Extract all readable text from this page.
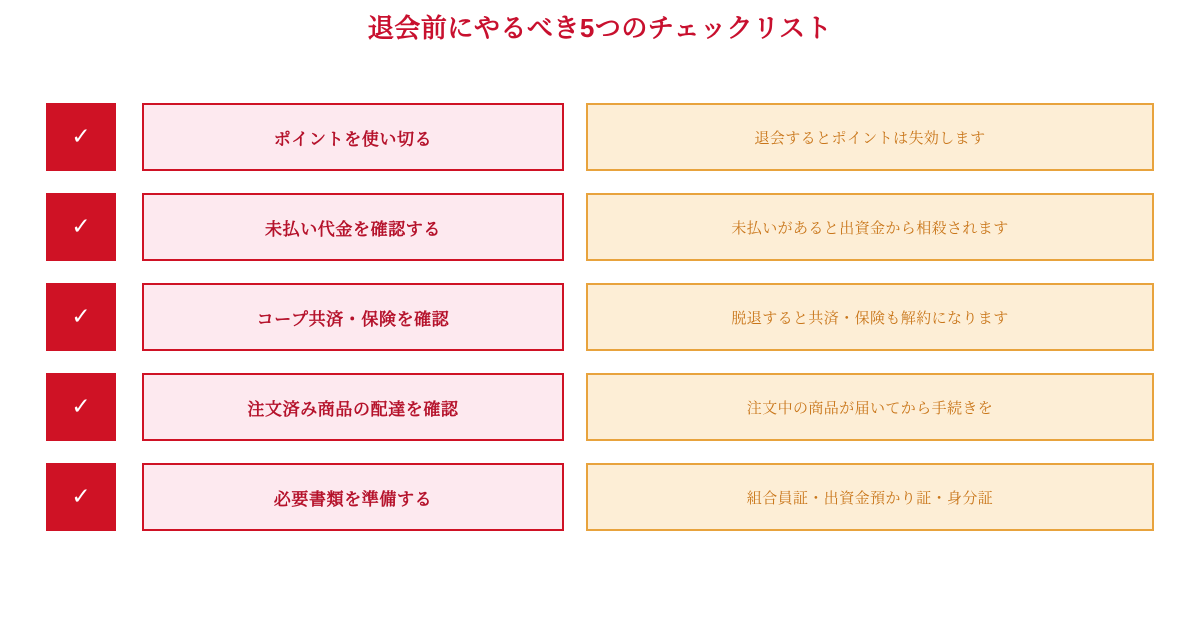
退会前にやるべき5つのチェックリスト
✓	ポイントを使い切る	退会するとポイントは失効します
✓	未払い代金を確認する	未払いがあると出資金から相殺されます
✓	コープ共済・保険を確認	脱退すると共済・保険も解約になります
✓	注文済み商品の配達を確認	注文中の商品が届いてから手続きを
✓	必要書類を準備する	組合員証・出資金預かり証・身分証
